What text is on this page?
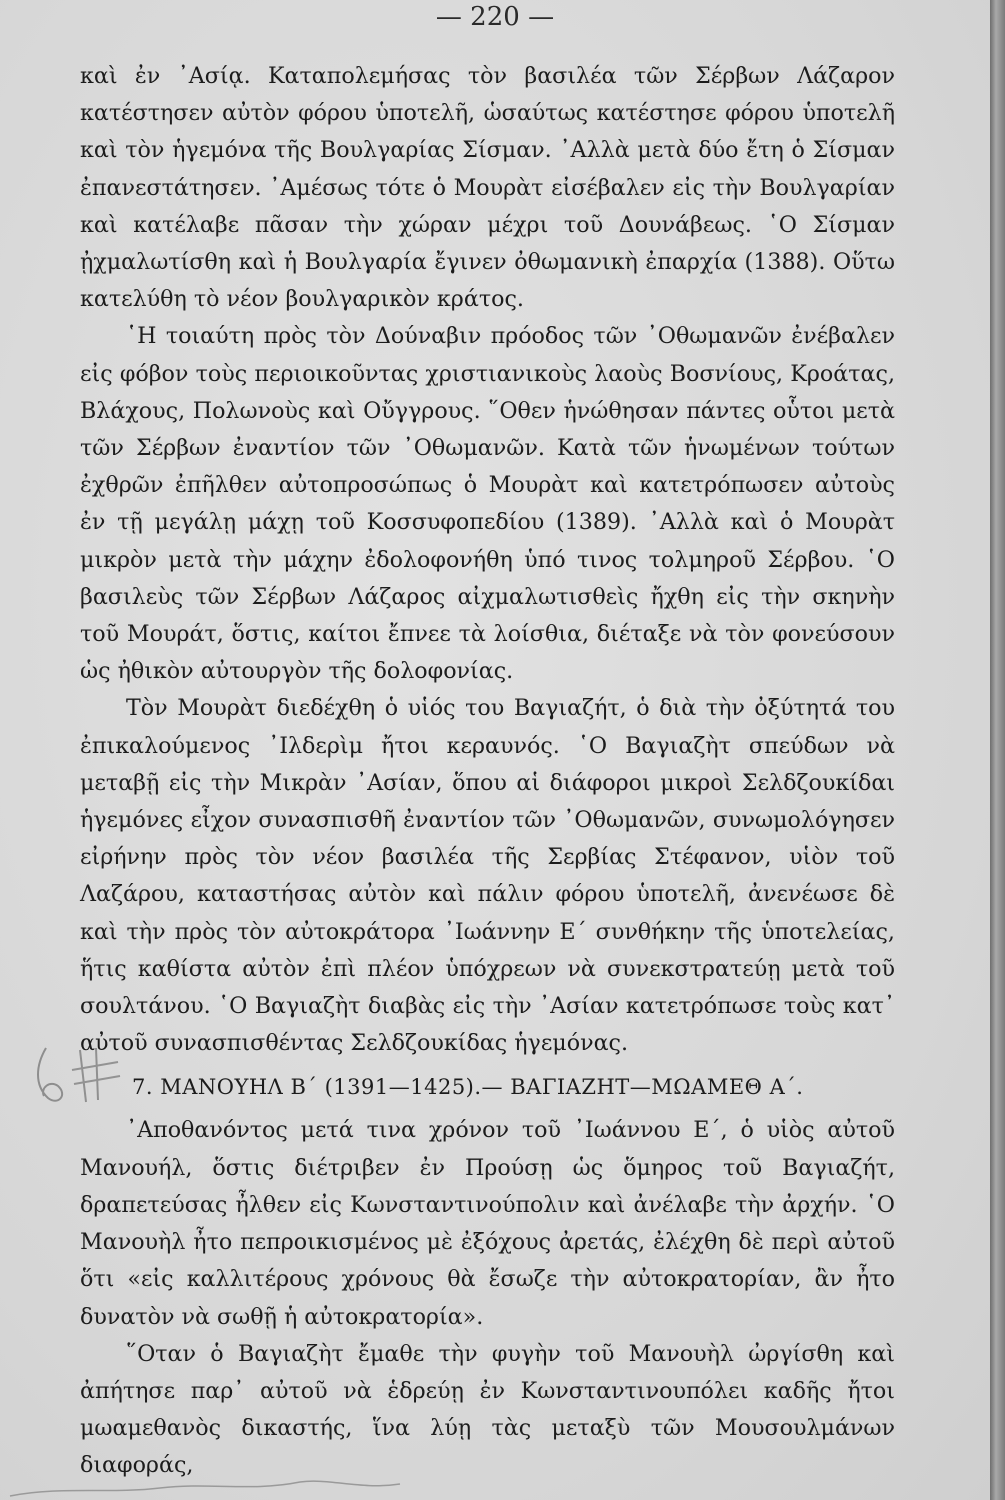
— 220 —

καὶ ἐν ᾿Ασίᾳ. Καταπολεμήσας τὸν βασιλέα τῶν Σέρβων Λάζαρον κατέστησεν αὐτὸν φόρου ὑποτελῆ, ὡσαύτως κατέστησε φόρου ὑποτελῆ καὶ τὸν ἡγεμόνα τῆς Βουλγαρίας Σίσμαν. ᾿Αλλὰ μετὰ δύο ἔτη ὁ Σίσμαν ἐπανεστάτησεν. ᾿Αμέσως τότε ὁ Μουρὰτ εἰσέβαλεν εἰς τὴν Βουλγαρίαν καὶ κατέλαβε πᾶσαν τὴν χώραν μέχρι τοῦ Δουνάβεως. ῾Ο Σίσμαν ᾐχμαλωτίσθη καὶ ἡ Βουλγαρία ἔγινεν ὀθωμανικὴ ἐπαρχία (1388). Οὕτω κατελύθη τὸ νέον βουλγαρικὸν κράτος.

῾Η τοιαύτη πρὸς τὸν Δούναβιν πρόοδος τῶν ᾿Οθωμανῶν ἐνέβαλεν εἰς φόβον τοὺς περιοικοῦντας χριστιανικοὺς λαοὺς Βοσνίους, Κροάτας, Βλάχους, Πολωνοὺς καὶ Οὔγγρους. ῞Οθεν ἡνώθησαν πάντες οὗτοι μετὰ τῶν Σέρβων ἐναντίον τῶν ᾿Οθωμανῶν. Κατὰ τῶν ἡνωμένων τούτων ἐχθρῶν ἐπῆλθεν αὐτοπροσώπως ὁ Μουρὰτ καὶ κατετρόπωσεν αὐτοὺς ἐν τῇ μεγάλῃ μάχῃ τοῦ Κοσσυφοπεδίου (1389). ᾿Αλλὰ καὶ ὁ Μουρὰτ μικρὸν μετὰ τὴν μάχην ἐδολοφονήθη ὑπό τινος τολμηροῦ Σέρβου. ῾Ο βασιλεὺς τῶν Σέρβων Λάζαρος αἰχμαλωτισθεὶς ἤχθη εἰς τὴν σκηνὴν τοῦ Μουράτ, ὅστις, καίτοι ἔπνεε τὰ λοίσθια, διέταξε νὰ τὸν φονεύσουν ὡς ἠθικὸν αὐτουργὸν τῆς δολοφονίας.

Τὸν Μουρὰτ διεδέχθη ὁ υἱός του Βαγιαζήτ, ὁ διὰ τὴν ὀξύτητά του ἐπικαλούμενος ᾿Ιλδερὶμ ἤτοι κεραυνός. ῾Ο Βαγιαζὴτ σπεύδων νὰ μεταβῇ εἰς τὴν Μικρὰν ᾿Ασίαν, ὅπου αἱ διάφοροι μικροὶ Σελδζουκίδαι ἡγεμόνες εἶχον συνασπισθῆ ἐναντίον τῶν ᾿Οθωμανῶν, συνωμολόγησεν εἰρήνην πρὸς τὸν νέον βασιλέα τῆς Σερβίας Στέφανον, υἱὸν τοῦ Λαζάρου, καταστήσας αὐτὸν καὶ πάλιν φόρου ὑποτελῆ, ἀνενέωσε δὲ καὶ τὴν πρὸς τὸν αὐτοκράτορα ᾿Ιωάννην Ε΄ συνθήκην τῆς ὑποτελείας, ἥτις καθίστα αὐτὸν ἐπὶ πλέον ὑπόχρεων νὰ συνεκστρατεύῃ μετὰ τοῦ σουλτάνου. ῾Ο Βαγιαζὴτ διαβὰς εἰς τὴν ᾿Ασίαν κατετρόπωσε τοὺς κατ᾿ αὐτοῦ συνασπισθέντας Σελδζουκίδας ἡγεμόνας.

7. ΜΑΝΟΥΗΛ Β΄ (1391—1425).— ΒΑΓΙΑΖΗΤ—ΜΩΑΜΕΘ Α΄.

᾿Αποθανόντος μετά τινα χρόνον τοῦ ᾿Ιωάννου Ε΄, ὁ υἱὸς αὐτοῦ Μανουήλ, ὅστις διέτριβεν ἐν Προύσῃ ὡς ὅμηρος τοῦ Βαγιαζήτ, δραπετεύσας ἦλθεν εἰς Κωνσταντινούπολιν καὶ ἀνέλαβε τὴν ἀρχήν. ῾Ο Μανουὴλ ἦτο πεπροικισμένος μὲ ἐξόχους ἀρετάς, ἐλέχθη δὲ περὶ αὐτοῦ ὅτι «εἰς καλλιτέρους χρόνους θὰ ἔσωζε τὴν αὐτοκρατορίαν, ἂν ἦτο δυνατὸν νὰ σωθῇ ἡ αὐτοκρατορία».

῞Οταν ὁ Βαγιαζὴτ ἔμαθε τὴν φυγὴν τοῦ Μανουὴλ ὠργίσθη καὶ ἀπήτησε παρ᾿ αὐτοῦ νὰ ἑδρεύῃ ἐν Κωνσταντινουπόλει καδῆς ἤτοι μωαμεθανὸς δικαστής, ἵνα λύῃ τὰς μεταξὺ τῶν Μουσουλμάνων διαφοράς,
